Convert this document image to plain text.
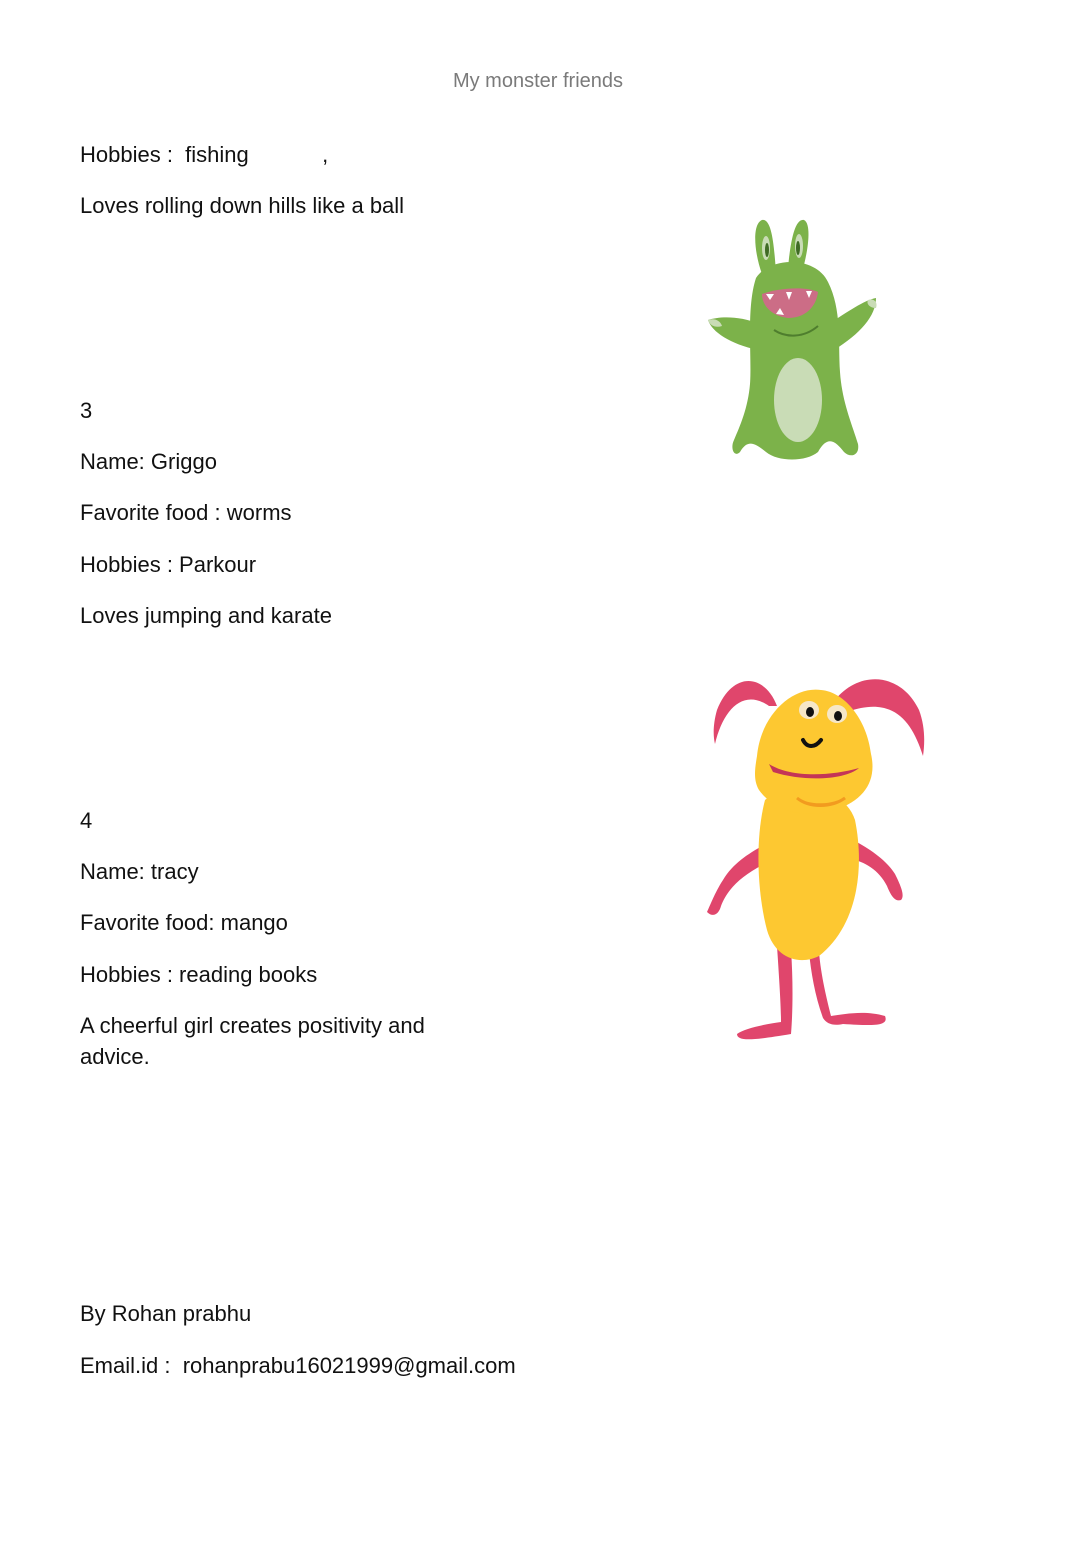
My monster friends
Hobbies :  fishing            ,
Loves rolling down hills like a ball
3
Name: Griggo
Favorite food : worms
Hobbies : Parkour
Loves jumping and karate
4
Name: tracy
Favorite food: mango
Hobbies : reading books
A cheerful girl creates positivity and advice.
By Rohan prabhu
Email.id :  rohanprabu16021999@gmail.com
